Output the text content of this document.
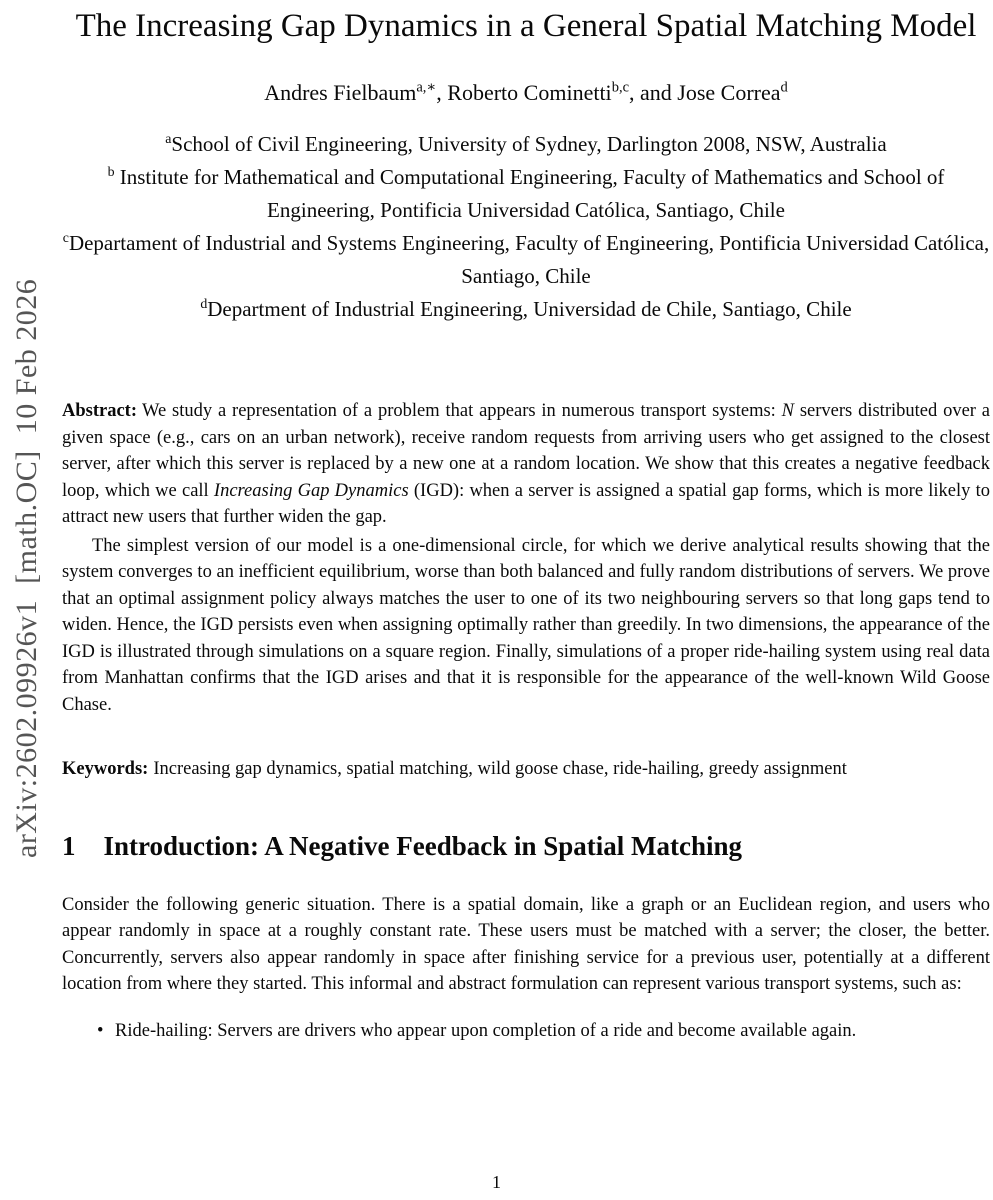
arXiv:2602.09926v1  [math.OC]  10 Feb 2026
The Increasing Gap Dynamics in a General Spatial Matching Model
Andres Fielbaum$^{a,∗}$, Roberto Cominetti$^{b,c}$, and Jose Correa$^d$
$^a$School of Civil Engineering, University of Sydney, Darlington 2008, NSW, Australia
$^b$ Institute for Mathematical and Computational Engineering, Faculty of Mathematics and School of Engineering, Pontificia Universidad Católica, Santiago, Chile
$^c$Departament of Industrial and Systems Engineering, Faculty of Engineering, Pontificia Universidad Católica, Santiago, Chile
$^d$Department of Industrial Engineering, Universidad de Chile, Santiago, Chile

Abstract: We study a representation of a problem that appears in numerous transport systems: N servers distributed over a given space (e.g., cars on an urban network), receive random requests from arriving users who get assigned to the closest server, after which this server is replaced by a new one at a random location. We show that this creates a negative feedback loop, which we call Increasing Gap Dynamics (IGD): when a server is assigned a spatial gap forms, which is more likely to attract new users that further widen the gap.

The simplest version of our model is a one-dimensional circle, for which we derive analytical results showing that the system converges to an inefficient equilibrium, worse than both balanced and fully random distributions of servers. We prove that an optimal assignment policy always matches the user to one of its two neighbouring servers so that long gaps tend to widen. Hence, the IGD persists even when assigning optimally rather than greedily. In two dimensions, the appearance of the IGD is illustrated through simulations on a square region. Finally, simulations of a proper ride-hailing system using real data from Manhattan confirms that the IGD arises and that it is responsible for the appearance of the well-known Wild Goose Chase.

Keywords: Increasing gap dynamics, spatial matching, wild goose chase, ride-hailing, greedy assignment
1 Introduction: A Negative Feedback in Spatial Matching

Consider the following generic situation. There is a spatial domain, like a graph or an Euclidean region, and users who appear randomly in space at a roughly constant rate. These users must be matched with a server; the closer, the better. Concurrently, servers also appear randomly in space after finishing service for a previous user, potentially at a different location from where they started. This informal and abstract formulation can represent various transport systems, such as:

• Ride-hailing: Servers are drivers who appear upon completion of a ride and become available again.
1
